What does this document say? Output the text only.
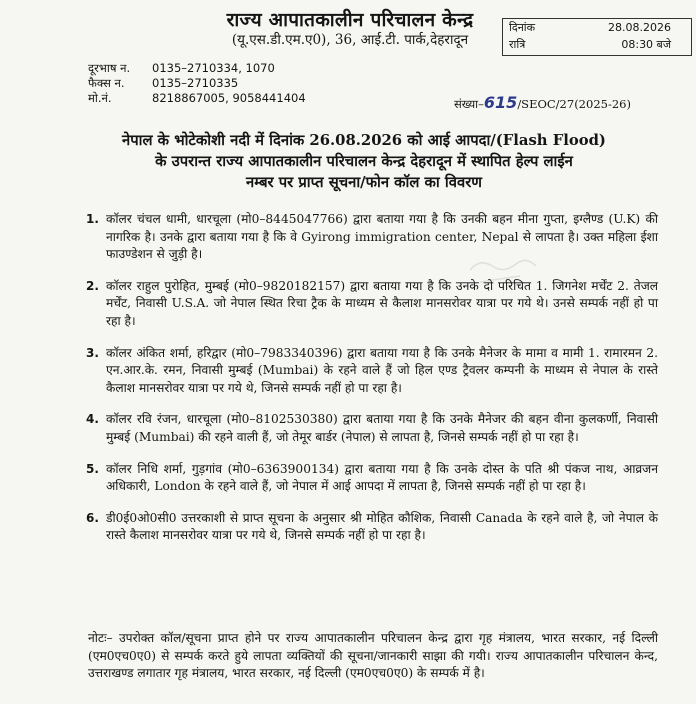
राज्य आपातकालीन परिचालन केन्द्र
(यू.एस.डी.एम.ए0), 36, आई.टी. पार्क,देहरादून
दिनांक	28.08.2026
रात्रि	08:30 बजे
दूरभाष न. 0135–2710334, 1070
फैक्स न. 0135–2710335
मो.नं.	8218867005, 9058441404	संख्या–615/SEOC/27(2025-26)
नेपाल के भोटेकोशी नदी में दिनांक 26.08.2026 को आई आपदा/(Flash Flood)
के उपरान्त राज्य आपातकालीन परिचालन केन्द्र देहरादून में स्थापित हेल्प लाईन
नम्बर पर प्राप्त सूचना/फोन कॉल का विवरण
1. कॉलर चंचल धामी, धारचूला (मो0–8445047766) द्वारा बताया गया है कि उनकी बहन मीना गुप्ता, इग्लैण्ड (U.K) की नागरिक है। उनके द्वारा बताया गया है कि वे Gyirong immigration center, Nepal से लापता है। उक्त महिला ईशा फाउण्डेशन से जुड़ी है।
2. कॉलर राहुल पुरोहित, मुम्बई (मो0–9820182157) द्वारा बताया गया है कि उनके दो परिचित 1. जिगनेश मर्चेंट 2. तेजल मर्चेंट, निवासी U.S.A. जो नेपाल स्थित रिचा ट्रैक के माध्यम से कैलाश मानसरोवर यात्रा पर गये थे। उनसे सम्पर्क नहीं हो पा रहा है।
3. कॉलर अंकित शर्मा, हरिद्वार (मो0–7983340396) द्वारा बताया गया है कि उनके मैनेजर के मामा व मामी 1. रामारमन 2. एन.आर.के. रमन, निवासी मुम्बई (Mumbai) के रहने वाले हैं जो हिल एण्ड ट्रैवलर कम्पनी के माध्यम से नेपाल के रास्ते कैलाश मानसरोवर यात्रा पर गये थे, जिनसे सम्पर्क नहीं हो पा रहा है।
4. कॉलर रवि रंजन, धारचूला (मो0–8102530380) द्वारा बताया गया है कि उनके मैनेजर की बहन वीना कुलकर्णी, निवासी मुम्बई (Mumbai) की रहने वाली हैं, जो तेमूर बार्डर (नेपाल) से लापता है, जिनसे सम्पर्क नहीं हो पा रहा है।
5. कॉलर निधि शर्मा, गुड़गांव (मो0–6363900134) द्वारा बताया गया है कि उनके दोस्त के पति श्री पंकज नाथ, आव्रजन अधिकारी, London के रहने वाले हैं, जो नेपाल में आई आपदा में लापता है, जिनसे सम्पर्क नहीं हो पा रहा है।
6. डी0ई0ओ0सी0 उत्तरकाशी से प्राप्त सूचना के अनुसार श्री मोहित कौशिक, निवासी Canada के रहने वाले है, जो नेपाल के रास्ते कैलाश मानसरोवर यात्रा पर गये थे, जिनसे सम्पर्क नहीं हो पा रहा है।
नोटः– उपरोक्त कॉल/सूचना प्राप्त होने पर राज्य आपातकालीन परिचालन केन्द्र द्वारा गृह मंत्रालय, भारत सरकार, नई दिल्ली (एम0एच0ए0) से सम्पर्क करते हुये लापता व्यक्तियों की सूचना/जानकारी साझा की गयी। राज्य आपातकालीन परिचालन केन्द, उत्तराखण्ड लगातार गृह मंत्रालय, भारत सरकार, नई दिल्ली (एम0एच0ए0) के सम्पर्क में है।
